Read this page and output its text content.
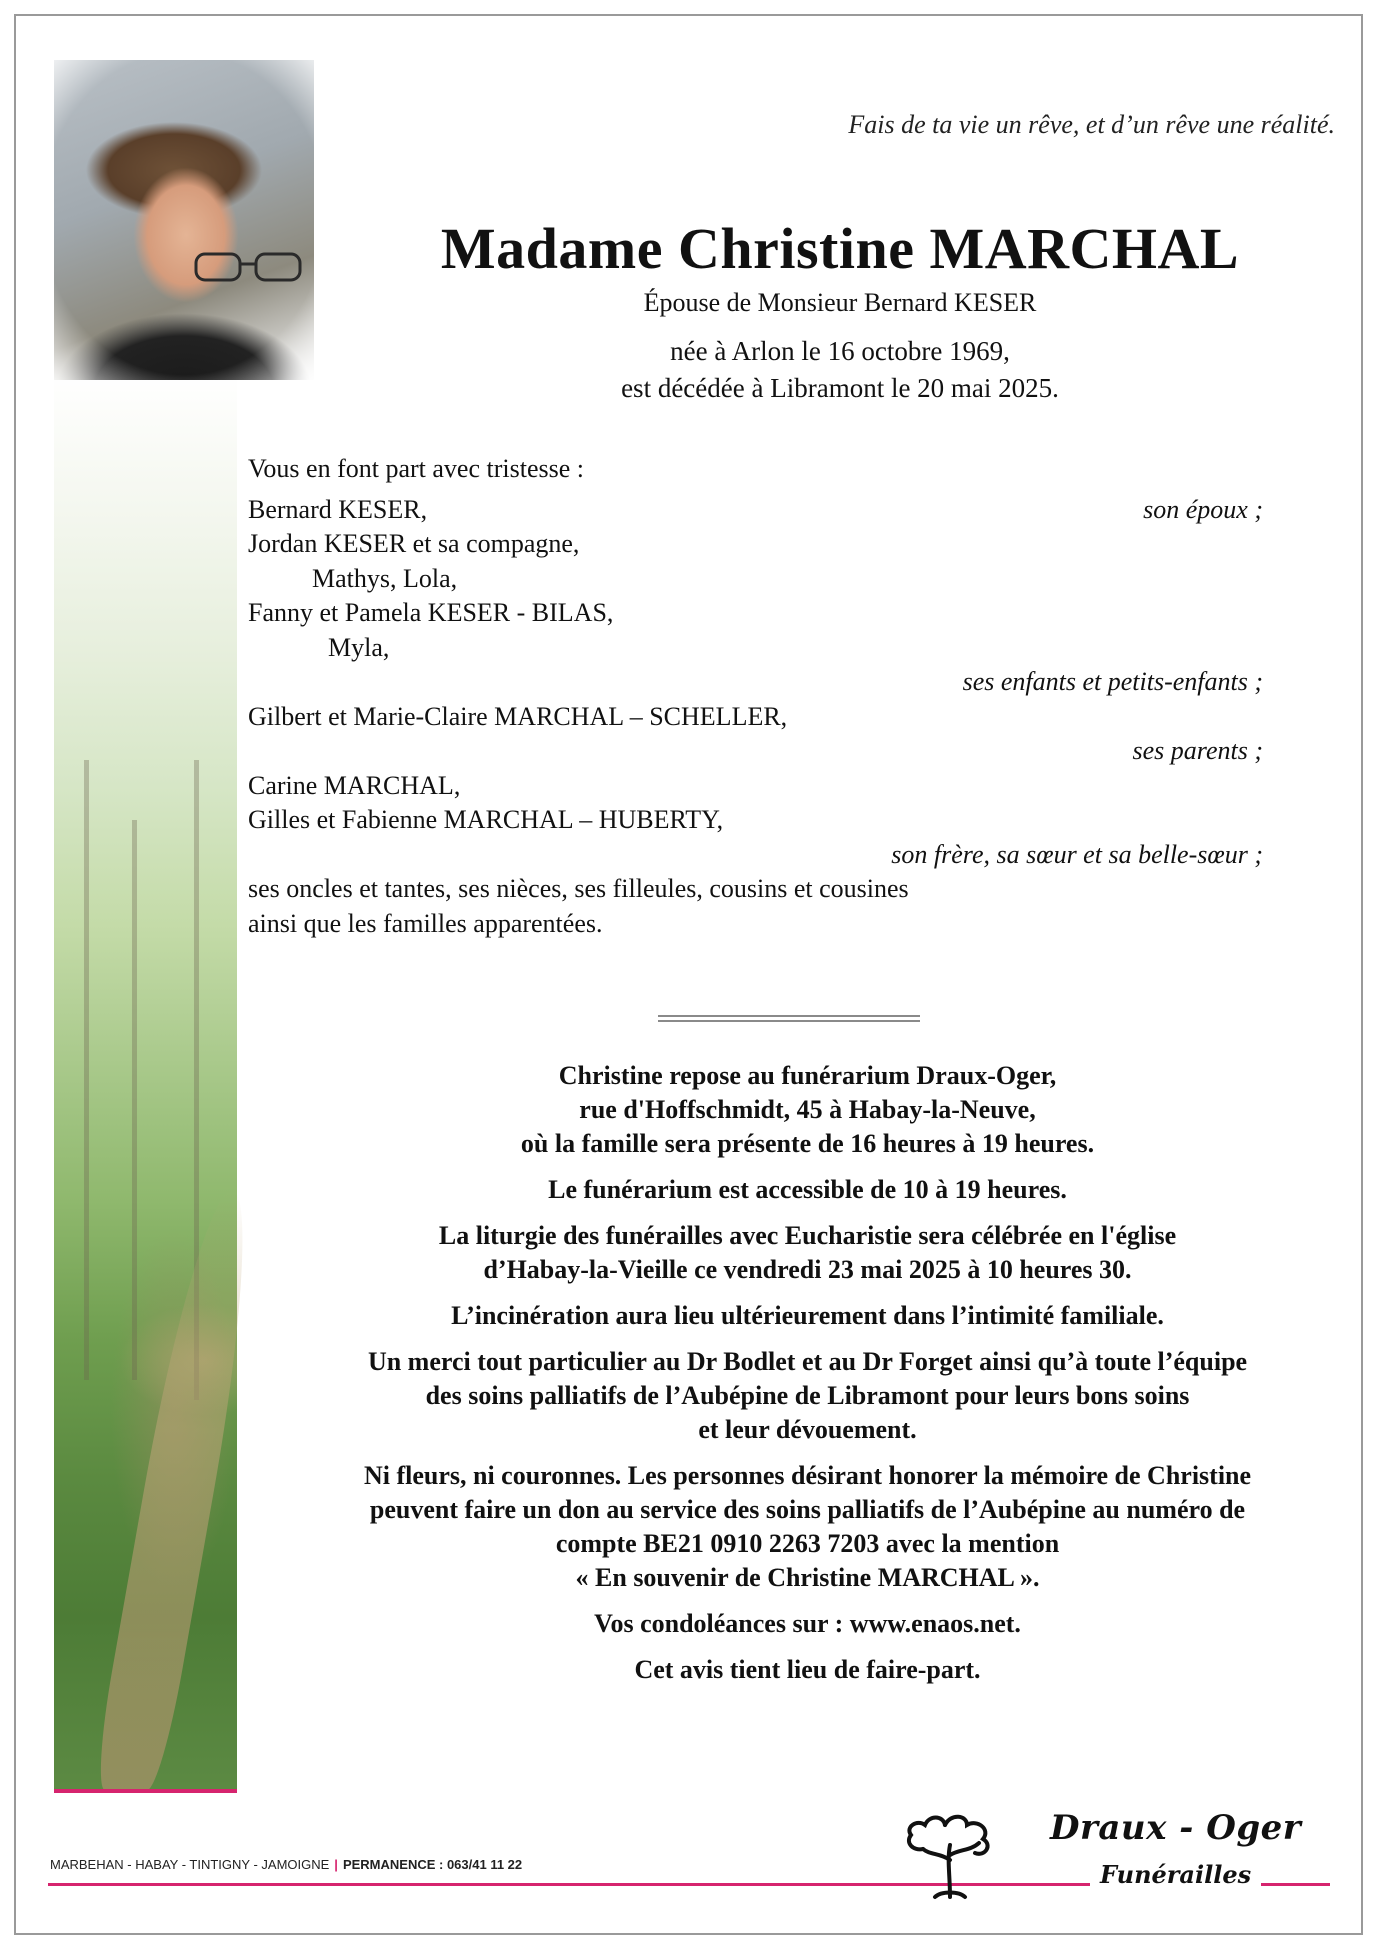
Fais de ta vie un rêve, et d’un rêve une réalité.
Madame Christine MARCHAL
Épouse de Monsieur Bernard KESER
née à Arlon le 16 octobre 1969,
est décédée à Libramont le 20 mai 2025.
Vous en font part avec tristesse :
Bernard KESER,	son époux ;
Jordan KESER et sa compagne,
Mathys, Lola,
Fanny et Pamela KESER - BILAS,
Myla,
ses enfants et petits-enfants ;
Gilbert et Marie-Claire MARCHAL – SCHELLER,
ses parents ;
Carine MARCHAL,
Gilles et Fabienne MARCHAL – HUBERTY,
son frère, sa sœur et sa belle-sœur ;
ses oncles et tantes, ses nièces, ses filleules, cousins et cousines
ainsi que les familles apparentées.

Christine repose au funérarium Draux-Oger,
rue d'Hoffschmidt, 45 à Habay-la-Neuve,
où la famille sera présente de 16 heures à 19 heures.

Le funérarium est accessible de 10 à 19 heures.

La liturgie des funérailles avec Eucharistie sera célébrée en l'église
d’Habay-la-Vieille ce vendredi 23 mai 2025 à 10 heures 30.

L’incinération aura lieu ultérieurement dans l’intimité familiale.

Un merci tout particulier au Dr Bodlet et au Dr Forget ainsi qu’à toute l’équipe
des soins palliatifs de l’Aubépine de Libramont pour leurs bons soins
et leur dévouement.

Ni fleurs, ni couronnes. Les personnes désirant honorer la mémoire de Christine
peuvent faire un don au service des soins palliatifs de l’Aubépine au numéro de
compte BE21 0910 2263 7203 avec la mention
« En souvenir de Christine MARCHAL ».

Vos condoléances sur : www.enaos.net.

Cet avis tient lieu de faire-part.

MARBEHAN - HABAY - TINTIGNY - JAMOIGNE | PERMANENCE : 063/41 11 22
Draux - Oger
Funérailles
